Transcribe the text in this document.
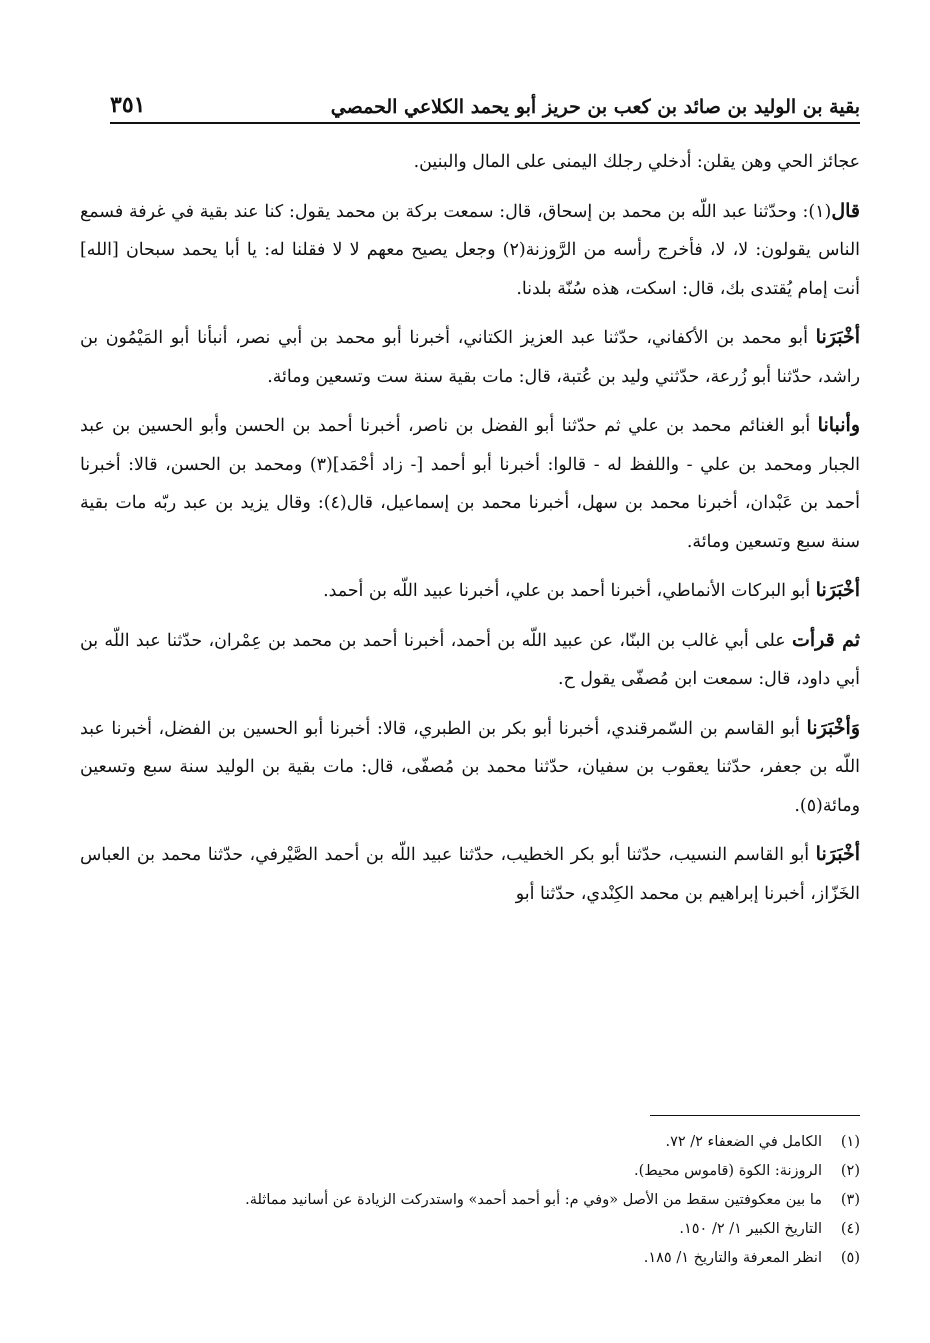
بقية بن الوليد بن صائد بن كعب بن حريز أبو يحمد الكلاعي الحمصي
٣٥١

عجائز الحي وهن يقلن: أدخلي رجلك اليمنى على المال والبنين.

قال(١): وحدّثنا عبد اللّه بن محمد بن إسحاق، قال: سمعت بركة بن محمد يقول: كنا عند بقية في غرفة فسمع الناس يقولون: لا، لا، فأخرج رأسه من الرَّوزنة(٢) وجعل يصيح معهم لا لا فقلنا له: يا أبا يحمد سبحان [الله] أنت إمام يُقتدى بك، قال: اسكت، هذه سُنّة بلدنا.

أخْبَرَنا أبو محمد بن الأكفاني، حدّثنا عبد العزيز الكتاني، أخبرنا أبو محمد بن أبي نصر، أنبأنا أبو المَيْمُون بن راشد، حدّثنا أبو زُرعة، حدّثني وليد بن عُتبة، قال: مات بقية سنة ست وتسعين ومائة.

وأنبانا أبو الغنائم محمد بن علي ثم حدّثنا أبو الفضل بن ناصر، أخبرنا أحمد بن الحسن وأبو الحسين بن عبد الجبار ومحمد بن علي - واللفظ له - قالوا: أخبرنا أبو أحمد [- زاد أحْمَد](٣) ومحمد بن الحسن، قالا: أخبرنا أحمد بن عَبْدان، أخبرنا محمد بن سهل، أخبرنا محمد بن إسماعيل، قال(٤): وقال يزيد بن عبد ربّه مات بقية سنة سبع وتسعين ومائة.

أخْبَرَنا أبو البركات الأنماطي، أخبرنا أحمد بن علي، أخبرنا عبيد اللّه بن أحمد.

ثم قرأت على أبي غالب بن البنّا، عن عبيد اللّه بن أحمد، أخبرنا أحمد بن محمد بن عِمْران، حدّثنا عبد اللّه بن أبي داود، قال: سمعت ابن مُصفّى يقول ح.

وَأخْبَرَنا أبو القاسم بن السّمرقندي، أخبرنا أبو بكر بن الطبري، قالا: أخبرنا أبو الحسين بن الفضل، أخبرنا عبد اللّه بن جعفر، حدّثنا يعقوب بن سفيان، حدّثنا محمد بن مُصفّى، قال: مات بقية بن الوليد سنة سبع وتسعين ومائة(٥).

أخْبَرَنا أبو القاسم النسيب، حدّثنا أبو بكر الخطيب، حدّثنا عبيد اللّه بن أحمد الصَّيْرفي، حدّثنا محمد بن العباس الخَزّاز، أخبرنا إبراهيم بن محمد الكِنْدي، حدّثنا أبو

(١)
الكامل في الضعفاء ٢/ ٧٢.
(٢)
الروزنة: الكوة (قاموس محيط).
(٣)
ما بين معكوفتين سقط من الأصل «وفي م: أبو أحمد أحمد» واستدركت الزيادة عن أسانيد مماثلة.
(٤)
التاريخ الكبير ١/ ٢/ ١٥٠.
(٥)
انظر المعرفة والتاريخ ١/ ١٨٥.
